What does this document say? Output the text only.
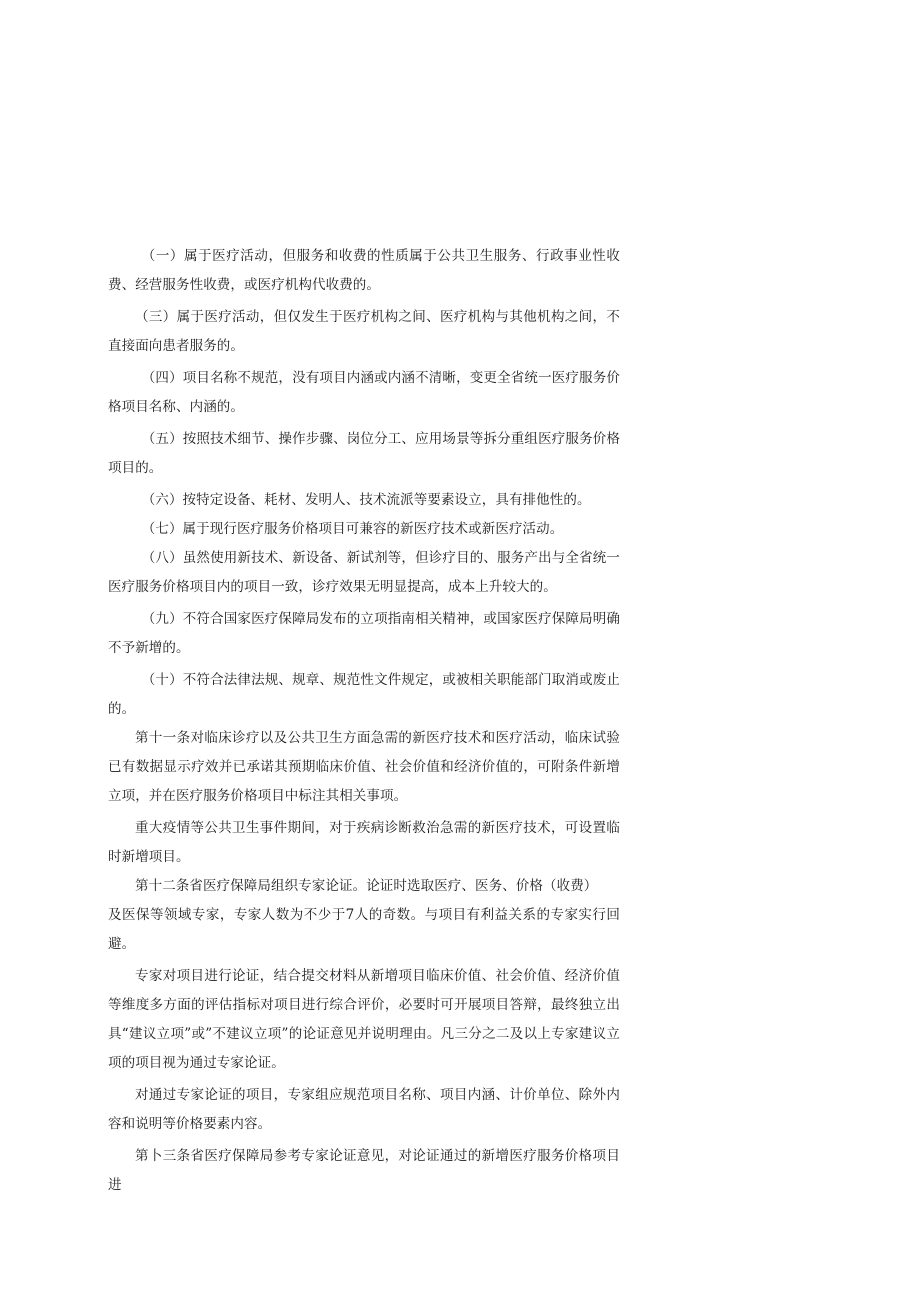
（一）属于医疗活动，但服务和收费的性质属于公共卫生服务、行政事业性收费、经营服务性收费，或医疗机构代收费的。

（三）属于医疗活动，但仅发生于医疗机构之间、医疗机构与其他机构之间，不直接面向患者服务的。

（四）项目名称不规范，没有项目内涵或内涵不清晰，变更全省统一医疗服务价格项目名称、内涵的。

（五）按照技术细节、操作步骤、岗位分工、应用场景等拆分重组医疗服务价格项目的。

（六）按特定设备、耗材、发明人、技术流派等要素设立，具有排他性的。

（七）属于现行医疗服务价格项目可兼容的新医疗技术或新医疗活动。

（八）虽然使用新技术、新设备、新试剂等，但诊疗目的、服务产出与全省统一医疗服务价格项目内的项目一致，诊疗效果无明显提高，成本上升较大的。

（九）不符合国家医疗保障局发布的立项指南相关精神，或国家医疗保障局明确不予新增的。

（十）不符合法律法规、规章、规范性文件规定，或被相关职能部门取消或废止的。

第十一条对临床诊疗以及公共卫生方面急需的新医疗技术和医疗活动，临床试验已有数据显示疗效并已承诺其预期临床价值、社会价值和经济价值的，可附条件新增立项，并在医疗服务价格项目中标注其相关事项。

重大疫情等公共卫生事件期间，对于疾病诊断救治急需的新医疗技术，可设置临时新增项目。

第十二条省医疗保障局组织专家论证。论证时选取医疗、医务、价格（收费）

及医保等领域专家，专家人数为不少于7人的奇数。与项目有利益关系的专家实行回避。

专家对项目进行论证，结合提交材料从新增项目临床价值、社会价值、经济价值等维度多方面的评估指标对项目进行综合评价，必要时可开展项目答辩，最终独立出具“建议立项”或”不建议立项”的论证意见并说明理由。凡三分之二及以上专家建议立项的项目视为通过专家论证。

对通过专家论证的项目，专家组应规范项目名称、项目内涵、计价单位、除外内容和说明等价格要素内容。

第卜三条省医疗保障局参考专家论证意见，对论证通过的新增医疗服务价格项目进
